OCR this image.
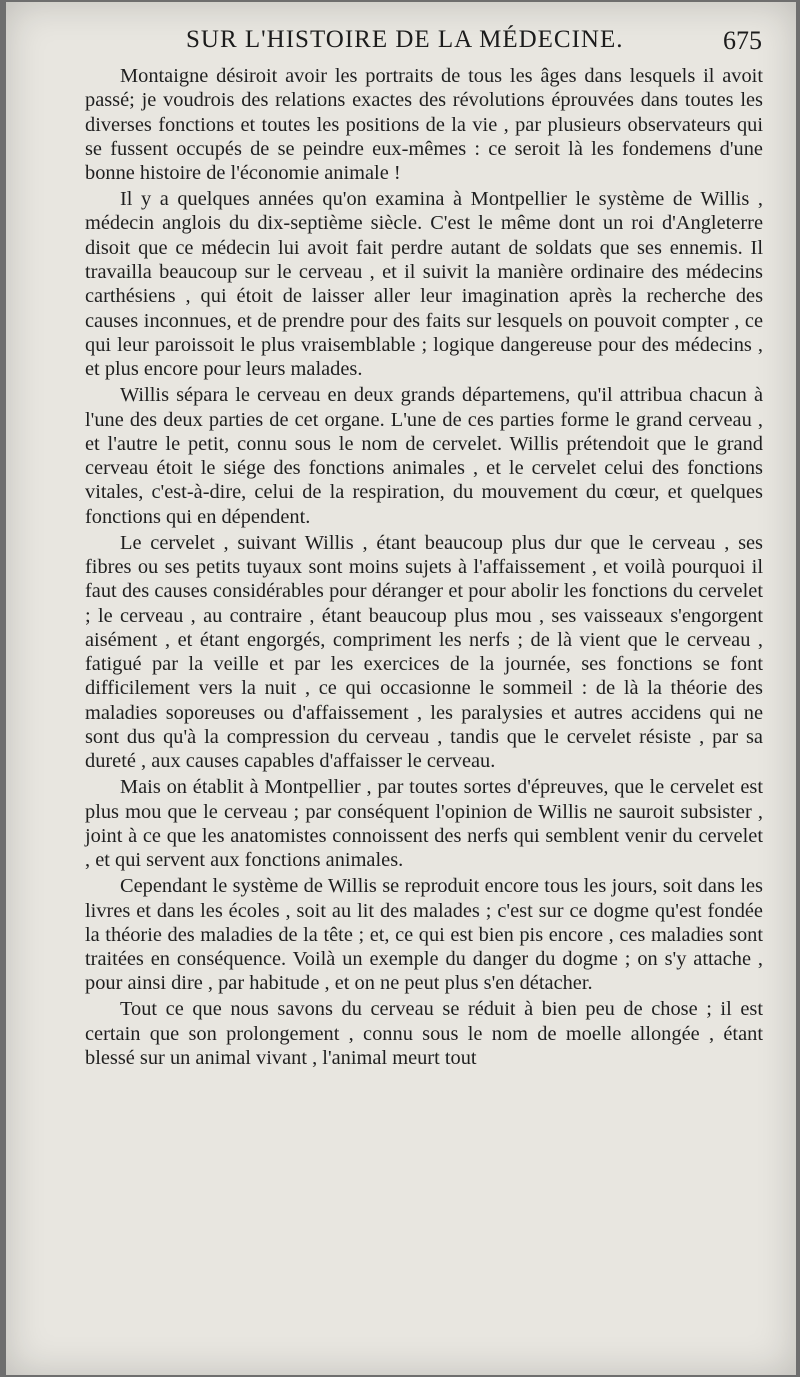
SUR L'HISTOIRE DE LA MÉDECINE.	675

Montaigne désiroit avoir les portraits de tous les âges dans lesquels il avoit passé; je voudrois des relations exactes des révolutions éprouvées dans toutes les diverses fonctions et toutes les positions de la vie , par plusieurs observateurs qui se fussent occupés de se peindre eux-mêmes : ce seroit là les fondemens d'une bonne histoire de l'économie animale !

Il y a quelques années qu'on examina à Montpellier le système de Willis , médecin anglois du dix-septième siècle. C'est le même dont un roi d'Angleterre disoit que ce médecin lui avoit fait perdre autant de soldats que ses ennemis. Il travailla beaucoup sur le cerveau , et il suivit la manière ordinaire des médecins carthésiens , qui étoit de laisser aller leur imagination après la recherche des causes inconnues, et de prendre pour des faits sur lesquels on pouvoit compter , ce qui leur paroissoit le plus vraisemblable ; logique dangereuse pour des médecins , et plus encore pour leurs malades.

Willis sépara le cerveau en deux grands départemens, qu'il attribua chacun à l'une des deux parties de cet organe. L'une de ces parties forme le grand cerveau , et l'autre le petit, connu sous le nom de cervelet. Willis prétendoit que le grand cerveau étoit le siége des fonctions animales , et le cervelet celui des fonctions vitales, c'est-à-dire, celui de la respiration, du mouvement du cœur, et quelques fonctions qui en dépendent.

Le cervelet , suivant Willis , étant beaucoup plus dur que le cerveau , ses fibres ou ses petits tuyaux sont moins sujets à l'affaissement , et voilà pourquoi il faut des causes considérables pour déranger et pour abolir les fonctions du cervelet ; le cerveau , au contraire , étant beaucoup plus mou , ses vaisseaux s'engorgent aisément , et étant engorgés, compriment les nerfs ; de là vient que le cerveau , fatigué par la veille et par les exercices de la journée, ses fonctions se font difficilement vers la nuit , ce qui occasionne le sommeil : de là la théorie des maladies soporeuses ou d'affaissement , les paralysies et autres accidens qui ne sont dus qu'à la compression du cerveau , tandis que le cervelet résiste , par sa dureté , aux causes capables d'affaisser le cerveau.

Mais on établit à Montpellier , par toutes sortes d'épreuves, que le cervelet est plus mou que le cerveau ; par conséquent l'opinion de Willis ne sauroit subsister , joint à ce que les anatomistes connoissent des nerfs qui semblent venir du cervelet , et qui servent aux fonctions animales.

Cependant le système de Willis se reproduit encore tous les jours, soit dans les livres et dans les écoles , soit au lit des malades ; c'est sur ce dogme qu'est fondée la théorie des maladies de la tête ; et, ce qui est bien pis encore , ces maladies sont traitées en conséquence. Voilà un exemple du danger du dogme ; on s'y attache , pour ainsi dire , par habitude , et on ne peut plus s'en détacher.

Tout ce que nous savons du cerveau se réduit à bien peu de chose ; il est certain que son prolongement , connu sous le nom de moelle allongée , étant blessé sur un animal vivant , l'animal meurt tout
